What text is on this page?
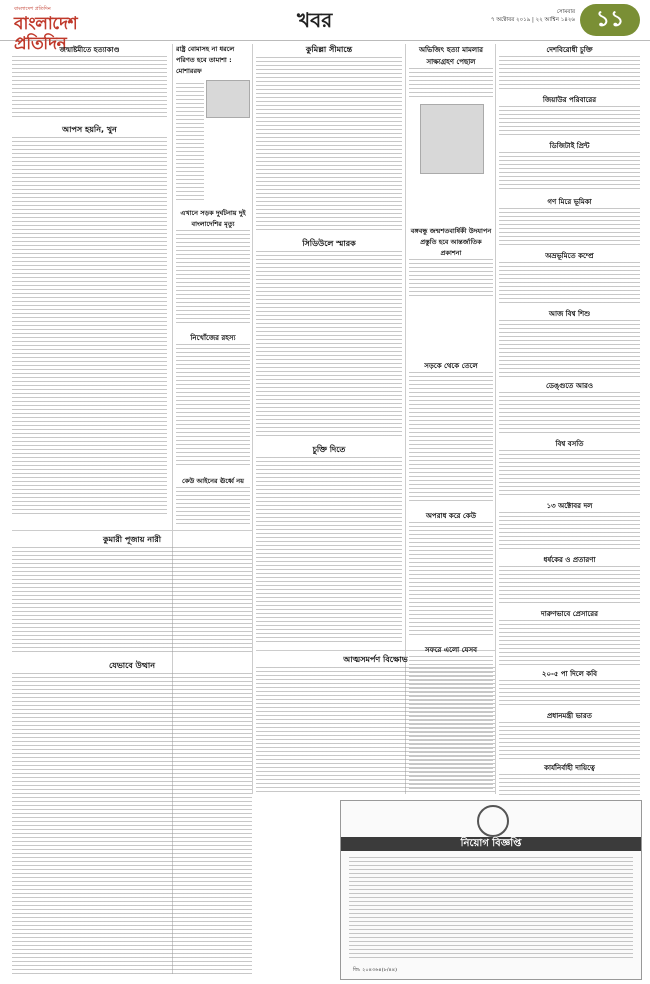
বাংলাদেশ প্রতিদিন
বাংলাদেশ প্রতিদিন
খবর	সোমবার
৭ অক্টোবর ২০১৯ | ২২ আশ্বিন ১৪২৬ ১১
জন্মাষ্টমীতে হত্যাকাণ্ড
আপস হয়নি, খুন
কুমারী পূজায় নারী
যেভাবে উত্থান
রাষ্ট্র বোমাসহ না ধরলে পরিণত হবে তামাশা : মোশাররফ
এখানে সড়ক দুর্ঘটনায় দুই বাংলাদেশির মৃত্যু
নিখোঁজের রহস্য
কেউ আইনের ঊর্ধ্বে নয়
কুমিল্লা সীমান্তে
সিডিউলে স্মারক
চুক্তি দিতে
আত্মসমর্পণ বিক্ষোভ
অভিজিৎ হত্যা মামলার সাক্ষ্যগ্রহণ পেছাল
বঙ্গবন্ধু জন্মশতবার্ষিকী উদযাপন প্রস্তুতি হবে আন্তর্জাতিক প্রকাশনা
সড়কে থেকে তেলে
অপরাধ করে কেউ
সফরে এলো যেসব
দেশবিরোধী চুক্তি
জিয়াউর পরিবারের
ডিজিটাই প্রিন্ট
গণ মিরে ভূমিকা
অভ্রভূমিতে কম্প্রে
আজ বিশ্ব শিশু
ডেঙ্গুতে আরও
বিশ্ব বসতি
১৩ অক্টোবর দল
ধর্ষকের ও প্রতারণা
দারুণভাবে প্রেসারের
২০-৫ পা দিলে কবি
প্রধানমন্ত্রী ভারত
কার্যনির্বাহী দায়িত্বে
নিয়োগ বিজ্ঞপ্তি
জি: ২০৪৩৬৪(৮/৪৪)
